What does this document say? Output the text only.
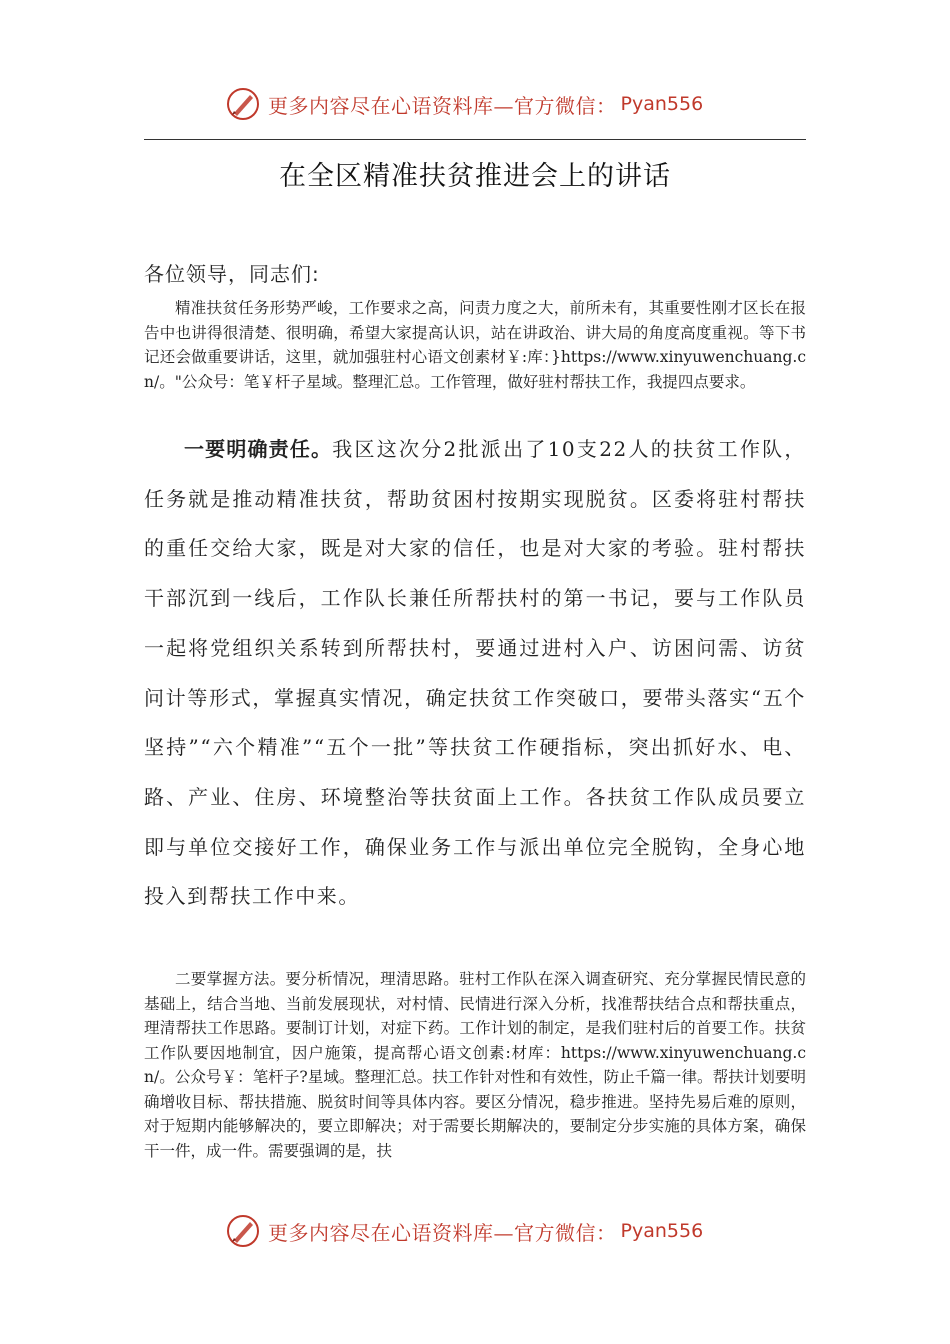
更多内容尽在心语资料库—官方微信： Pyan556
在全区精准扶贫推进会上的讲话
各位领导，同志们:
精准扶贫任务形势严峻，工作要求之高，问责力度之大，前所未有，其重要性刚才区长在报告中也讲得很清楚、很明确，希望大家提高认识，站在讲政治、讲大局的角度高度重视。等下书记还会做重要讲话，这里，就加强驻村心语文创素材￥:库：}https://www.xinyuwenchuang.cn/。"公众号：笔￥杆子星域。整理汇总。工作管理，做好驻村帮扶工作，我提四点要求。
一要明确责任。我区这次分2批派出了10支22人的扶贫工作队，任务就是推动精准扶贫，帮助贫困村按期实现脱贫。区委将驻村帮扶的重任交给大家，既是对大家的信任，也是对大家的考验。驻村帮扶干部沉到一线后，工作队长兼任所帮扶村的第一书记，要与工作队员一起将党组织关系转到所帮扶村，要通过进村入户、访困问需、访贫问计等形式，掌握真实情况，确定扶贫工作突破口，要带头落实“五个坚持”“六个精准”“五个一批”等扶贫工作硬指标，突出抓好水、电、路、产业、住房、环境整治等扶贫面上工作。各扶贫工作队成员要立即与单位交接好工作，确保业务工作与派出单位完全脱钩，全身心地投入到帮扶工作中来。
二要掌握方法。要分析情况，理清思路。驻村工作队在深入调查研究、充分掌握民情民意的基础上，结合当地、当前发展现状，对村情、民情进行深入分析，找准帮扶结合点和帮扶重点，理清帮扶工作思路。要制订计划，对症下药。工作计划的制定，是我们驻村后的首要工作。扶贫工作队要因地制宜，因户施策，提高帮心语文创素:材库：https://www.xinyuwenchuang.cn/。公众号￥：笔杆子?星域。整理汇总。扶工作针对性和有效性，防止千篇一律。帮扶计划要明确增收目标、帮扶措施、脱贫时间等具体内容。要区分情况，稳步推进。坚持先易后难的原则，对于短期内能够解决的，要立即解决；对于需要长期解决的，要制定分步实施的具体方案，确保干一件，成一件。需要强调的是，扶
更多内容尽在心语资料库—官方微信： Pyan556
